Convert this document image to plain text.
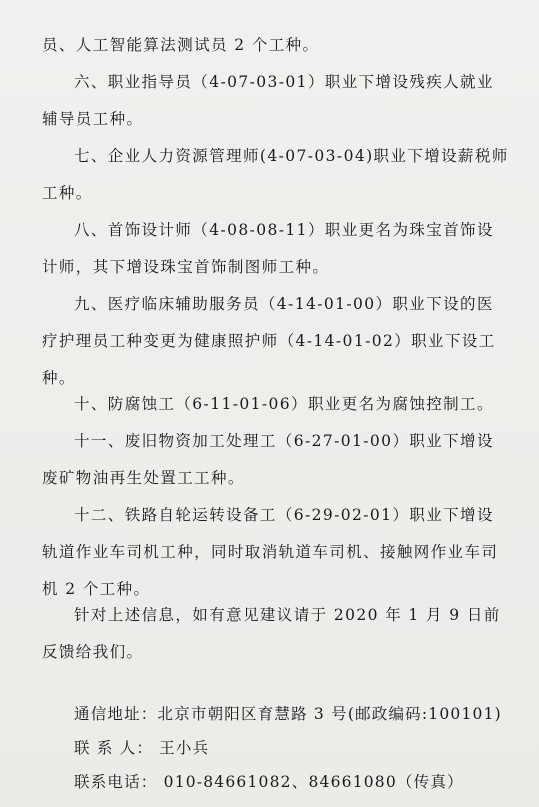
员、人工智能算法测试员 2 个工种。

六、职业指导员（4-07-03-01）职业下增设残疾人就业辅导员工种。

七、企业人力资源管理师(4-07-03-04)职业下增设薪税师工种。

八、首饰设计师（4-08-08-11）职业更名为珠宝首饰设计师，其下增设珠宝首饰制图师工种。

九、医疗临床辅助服务员（4-14-01-00）职业下设的医疗护理员工种变更为健康照护师（4-14-01-02）职业下设工种。

十、防腐蚀工（6-11-01-06）职业更名为腐蚀控制工。

十一、废旧物资加工处理工（6-27-01-00）职业下增设废矿物油再生处置工工种。

十二、铁路自轮运转设备工（6-29-02-01）职业下增设轨道作业车司机工种，同时取消轨道车司机、接触网作业车司机 2 个工种。

针对上述信息，如有意见建议请于 2020 年 1 月 9 日前反馈给我们。

通信地址：北京市朝阳区育慧路 3 号(邮政编码:100101)

联 系 人： 王小兵

联系电话： 010-84661082、84661080（传真）
